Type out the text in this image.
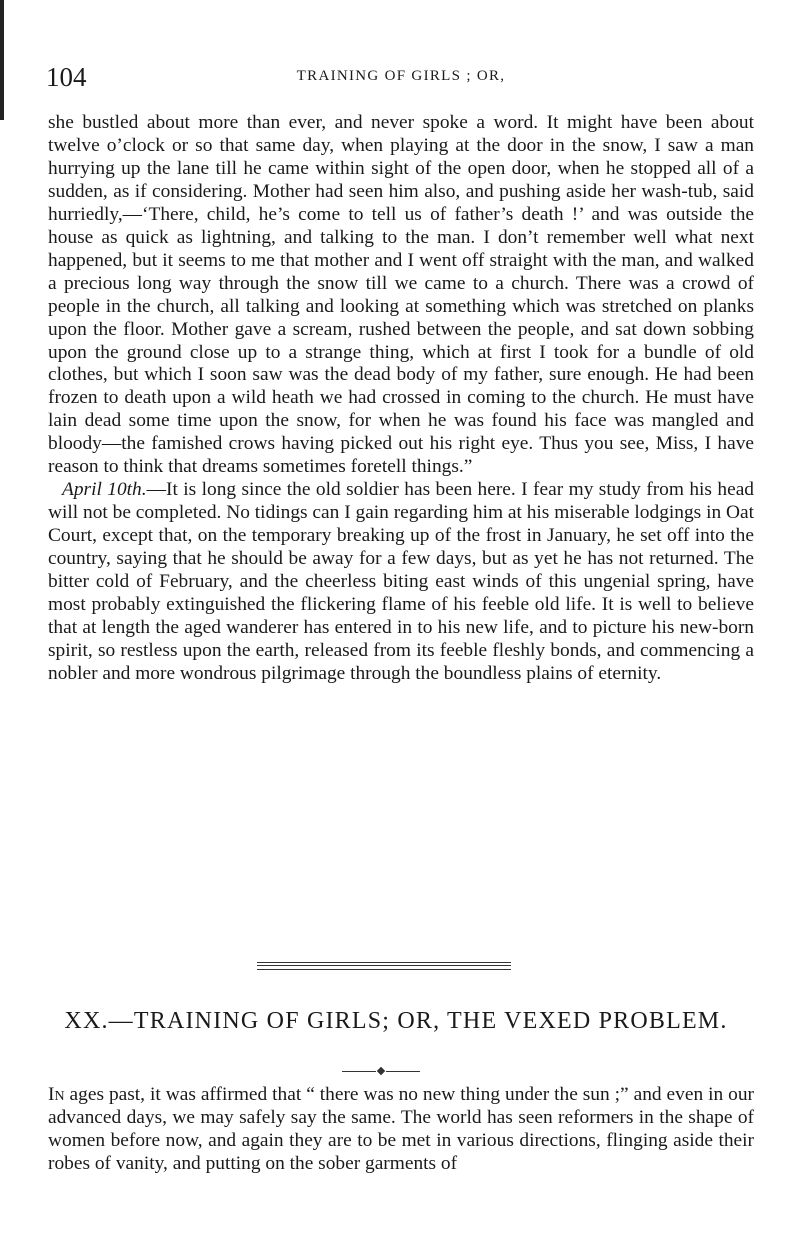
104	TRAINING OF GIRLS ; OR,

she bustled about more than ever, and never spoke a word. It might have been about twelve o’clock or so that same day, when playing at the door in the snow, I saw a man hurrying up the lane till he came within sight of the open door, when he stopped all of a sudden, as if considering. Mother had seen him also, and pushing aside her wash-tub, said hurriedly,—‘There, child, he’s come to tell us of father’s death !’ and was outside the house as quick as lightning, and talking to the man. I don’t remember well what next happened, but it seems to me that mother and I went off straight with the man, and walked a precious long way through the snow till we came to a church. There was a crowd of people in the church, all talking and looking at something which was stretched on planks upon the floor. Mother gave a scream, rushed between the people, and sat down sobbing upon the ground close up to a strange thing, which at first I took for a bundle of old clothes, but which I soon saw was the dead body of my father, sure enough. He had been frozen to death upon a wild heath we had crossed in coming to the church. He must have lain dead some time upon the snow, for when he was found his face was mangled and bloody—the famished crows having picked out his right eye. Thus you see, Miss, I have reason to think that dreams sometimes foretell things.”

April 10th.—It is long since the old soldier has been here. I fear my study from his head will not be completed. No tidings can I gain regarding him at his miserable lodgings in Oat Court, except that, on the temporary breaking up of the frost in January, he set off into the country, saying that he should be away for a few days, but as yet he has not returned. The bitter cold of February, and the cheerless biting east winds of this ungenial spring, have most probably extinguished the flickering flame of his feeble old life. It is well to believe that at length the aged wanderer has entered in to his new life, and to picture his new-born spirit, so restless upon the earth, released from its feeble fleshly bonds, and commencing a nobler and more wondrous pilgrimage through the boundless plains of eternity.

XX.—TRAINING OF GIRLS; OR, THE VEXED PROBLEM.

In ages past, it was affirmed that “ there was no new thing under the sun ;” and even in our advanced days, we may safely say the same. The world has seen reformers in the shape of women before now, and again they are to be met in various directions, flinging aside their robes of vanity, and putting on the sober garments of
